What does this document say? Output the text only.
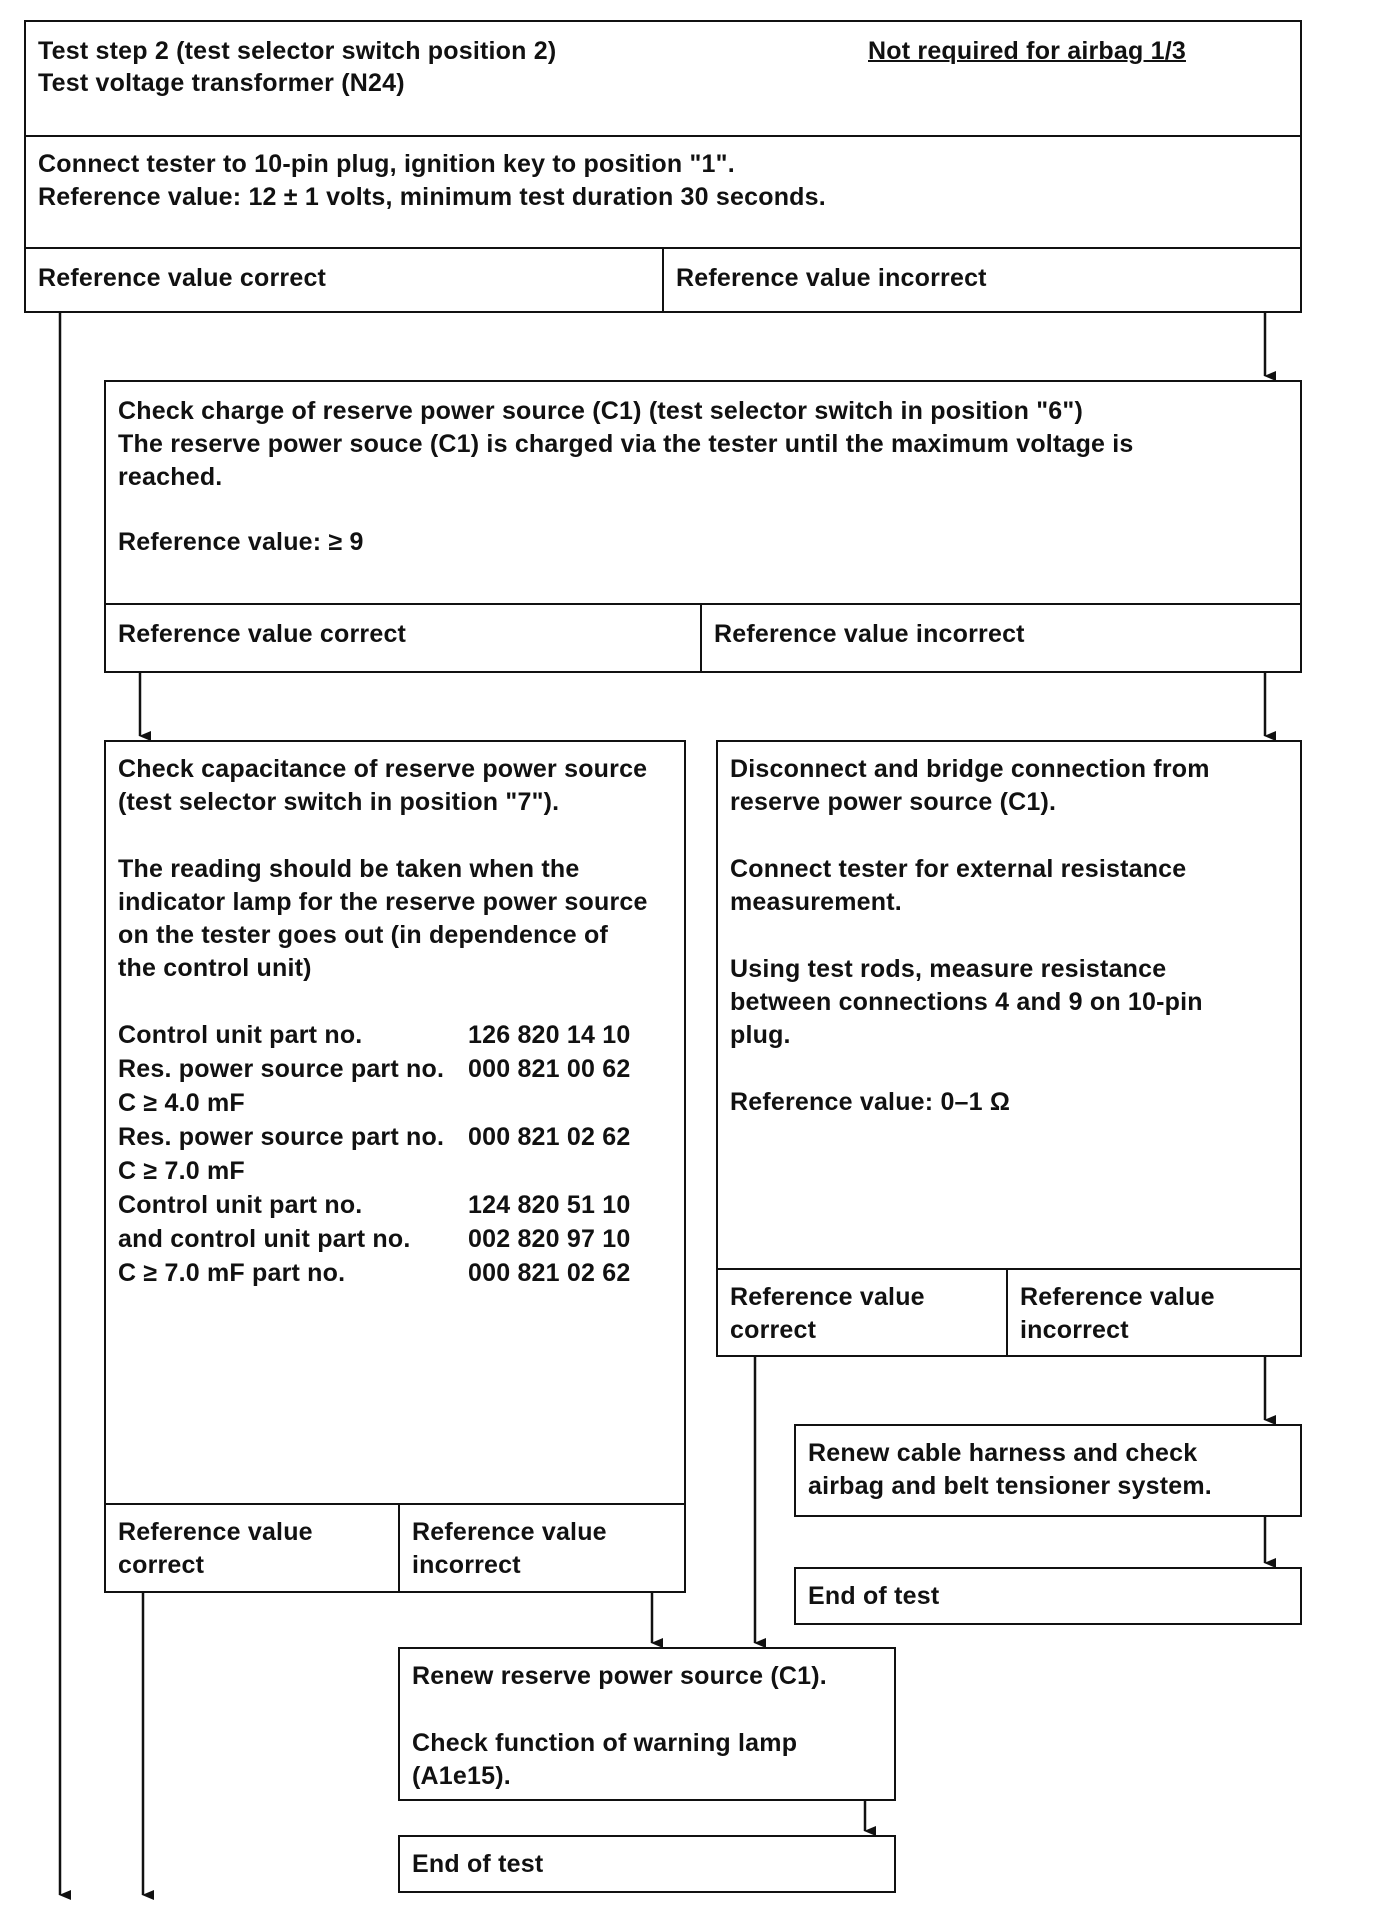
Test step 2 (test selector switch position 2)
Test voltage transformer (N24)
Not required for airbag 1/3
Connect tester to 10-pin plug, ignition key to position "1".
Reference value: 12 ± 1 volts, minimum test duration 30 seconds.
Reference value correct	Reference value incorrect
Check charge of reserve power source (C1) (test selector switch in position "6")
The reserve power souce (C1) is charged via the tester until the maximum voltage is
reached.
Reference value: ≥ 9
Reference value correct	Reference value incorrect
Check capacitance of reserve power source
(test selector switch in position "7").
The reading should be taken when the
indicator lamp for the reserve power source
on the tester goes out (in dependence of
the control unit)
Control unit part no.	126 820 14 10
Res. power source part no. 000 821 00 62
C ≥ 4.0 mF
Res. power source part no. 000 821 02 62
C ≥ 7.0 mF
Control unit part no.	124 820 51 10
and control unit part no. 002 820 97 10
C ≥ 7.0 mF part no.	000 821 02 62
Reference value
correct
Reference value
incorrect
Disconnect and bridge connection from
reserve power source (C1).
Connect tester for external resistance
measurement.
Using test rods, measure resistance
between connections 4 and 9 on 10-pin
plug.
Reference value: 0–1 Ω
Reference value
correct
Reference value
incorrect
Renew cable harness and check
airbag and belt tensioner system.
End of test
Renew reserve power source (C1).
Check function of warning lamp
(A1e15).
End of test
